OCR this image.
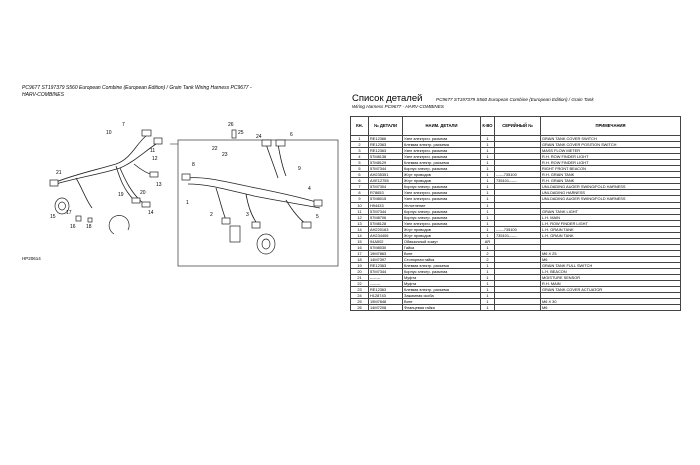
PC9677 ST197379 S560 European Combine (European Edition) / Grain Tank Wiring Harness PC9677 -
HARV-COMBINES
7
10
11
12
13
14
15
16
17
18
19	20
21
22
23
24
25
26
1
2	3
4
5
6
8
9
HP20614
Список деталей	PC9677 ST197379 S560 European Combine (European Edition) / Grain Tank
Wiring Harness PC9677 - HARV-COMBINES
КН.	№ ДЕТАЛИ	НАИМ. ДЕТАЛИ	К-ВО	СЕРИЙНЫЙ №	ПРИМЕЧАНИЯ
1	RE12366	Узел электрич. разъема	1		GRAIN TANK COVER SWITCH
2	RE12363	Клемма электр. разъема	1		GRAIN TANK COVER POSITION SWITCH
3	RE12363	Узел электрич. разъема	1		MASS FLOW METER
4	57M8138	Узел электрич. разъема	1		R.H. ROW FINDER LIGHT
5	57M8129	Клемма электр. разъема	1		R.H. ROW FINDER LIGHT
5	57M7344	Корпус электр. разъема	1		RIGHT FRONT BEACON
6	AH235351	Жгут проводов	1	------735100	R.H. GRAIN TANK
6	AXE12755	Жгут проводов	1	735101------	R.H. GRAIN TANK
7	57M7304	Корпус электр. разъема	1		UNLOADING AUGER SWING/FOLD HARNESS
8	R78653	Узел электрич. разъема	1		UNLOADING HARNESS
9	57M8015	Узел электрич. разъема	1		UNLOADING AUGER SWING/FOLD HARNESS
10	H94433	Уплотнение	1		
11	57M7344	Корпус электр. разъема	1		GRAIN TANK LIGHT
12	57M8706	Корпус электр. разъема	1		L.H. MAIN
13	57M8128	Узел электрич. разъема	1		L.H. ROW FINDER LIGHT
14	AH220163	Жгут проводов	1	------735100	L.H. GRAIN TANK
14	AH234406	Жгут проводов	1	735101------	L.H. GRAIN TANK
15	94A502	Обвязочный хомут	AR		
16	57M8030	Гайка	1		
17	19M7863	Винт	2		M6 X 25
18	14M7397	Стопорная гайка	2		M6
19	RE12363	Клемма электр. разъема	1		GRAIN TANK FULL SWITCH
20	57M7344	Корпус электр. разъема	1		L.H. BEACON
21	--------	Муфта	1		MOISTURE SENSOR
22	--------	Муфта	1		R.H. MAIN
23	RE12363	Клемма электр. разъема	1		GRAIN TANK COVER ACTUATOR
24	H128743	Зажимная скоба	1		
25	19M7848	Винт	1		M6 X 30
26	14M7208	Фланцевая гайка	1		M6
